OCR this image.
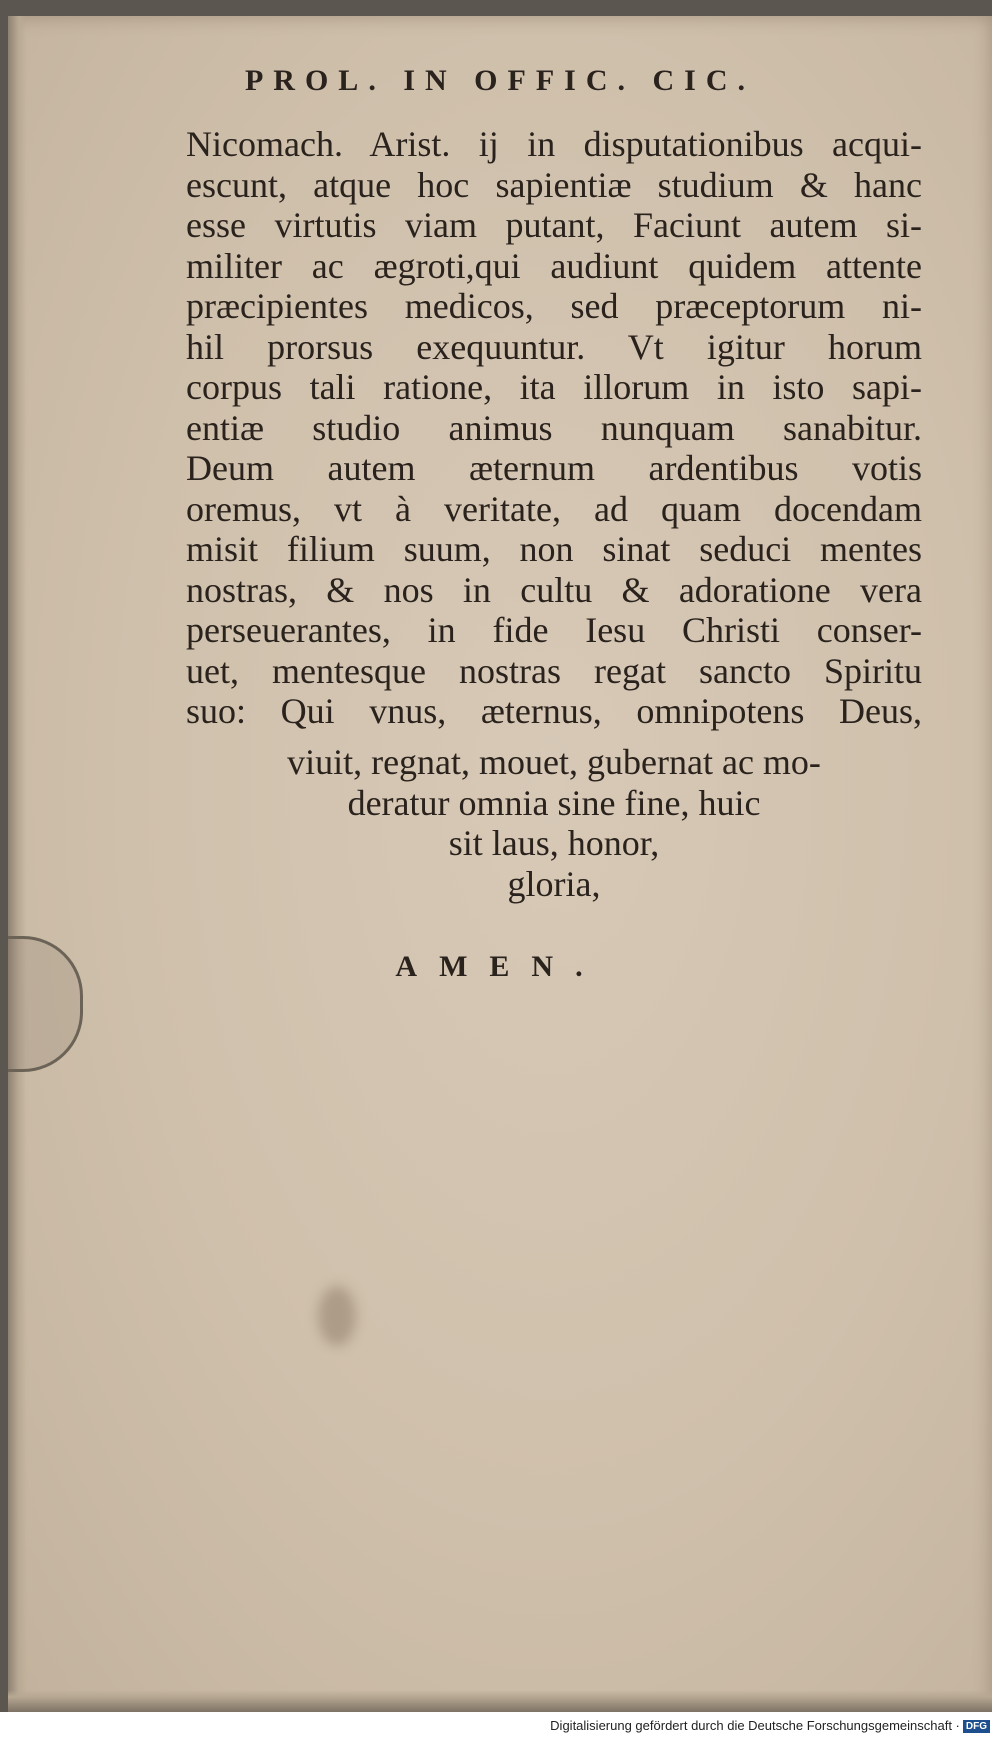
PROL. IN OFFIC. CIC.
Nicomach. Arist. ij in disputationibus acqui-
escunt, atque hoc sapientiæ studium & hanc
esse virtutis viam putant, Faciunt autem si-
militer ac ægroti,qui audiunt quidem attente
præcipientes medicos, sed præceptorum ni-
hil prorsus exequuntur. Vt igitur horum
corpus tali ratione, ita illorum in isto sapi-
entiæ studio animus nunquam sanabitur.
Deum autem æternum ardentibus votis
oremus, vt à veritate, ad quam docendam
misit filium suum, non sinat seduci mentes
nostras, & nos in cultu & adoratione vera
perseuerantes, in fide Iesu Christi conser-
uet, mentesque nostras regat sancto Spiritu
suo: Qui vnus, æternus, omnipotens Deus,
viuit, regnat, mouet, gubernat ac mo-
deratur omnia sine fine, huic
sit laus, honor,
gloria,
AMEN.
Digitalisierung gefördert durch die Deutsche Forschungsgemeinschaft · DFG
